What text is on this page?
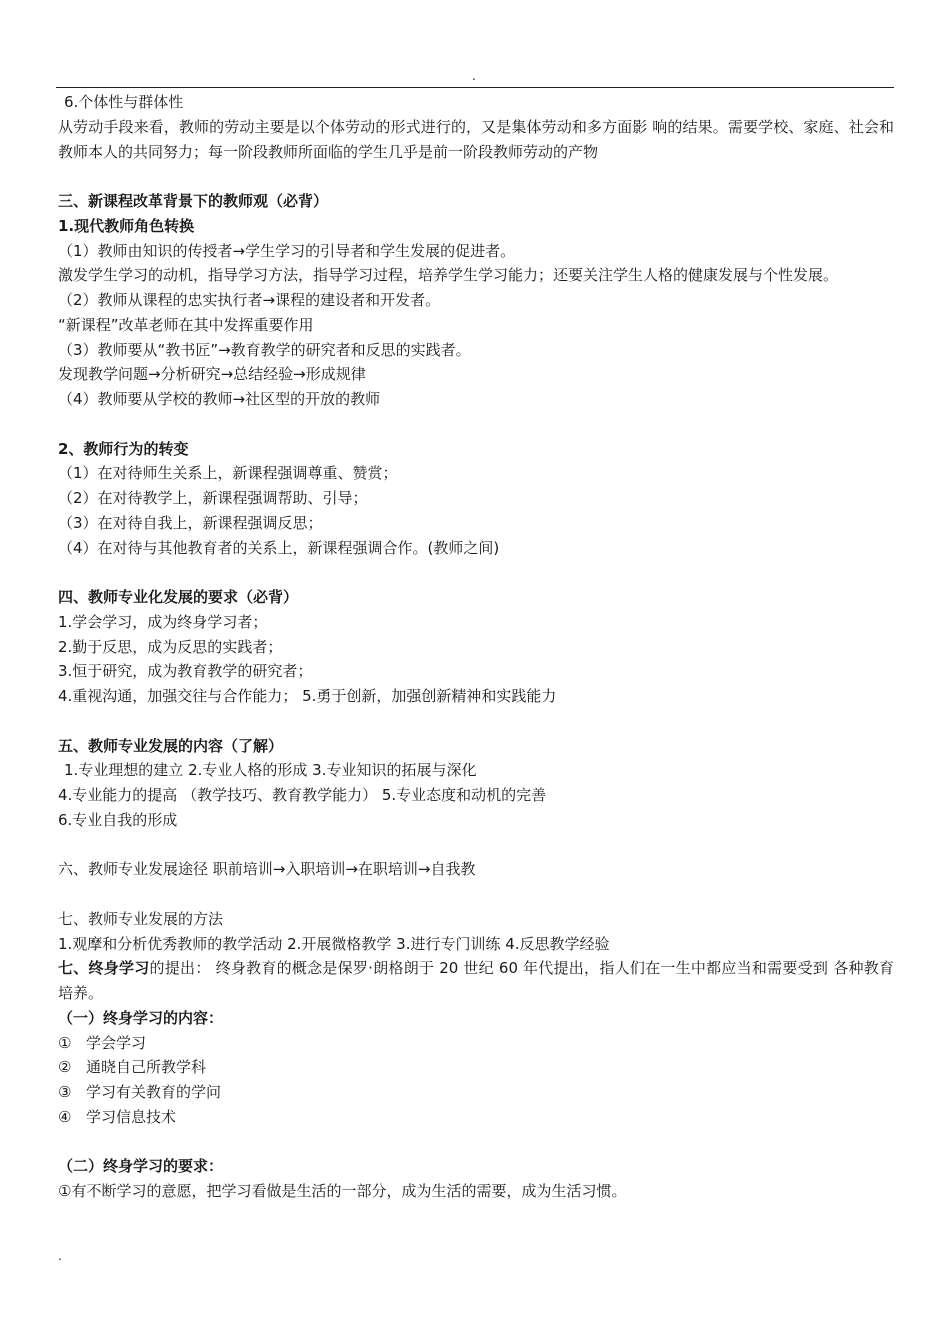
.
6.个体性与群体性
从劳动手段来看，教师的劳动主要是以个体劳动的形式进行的，又是集体劳动和多方面影 响的结果。需要学校、家庭、社会和教师本人的共同努力；每一阶段教师所面临的学生几乎是前一阶段教师劳动的产物
三、新课程改革背景下的教师观（必背）
1.现代教师角色转换
（1）教师由知识的传授者→学生学习的引导者和学生发展的促进者。
激发学生学习的动机，指导学习方法，指导学习过程，培养学生学习能力；还要关注学生人格的健康发展与个性发展。
（2）教师从课程的忠实执行者→课程的建设者和开发者。
“新课程”改革老师在其中发挥重要作用
（3）教师要从“教书匠”→教育教学的研究者和反思的实践者。
发现教学问题→分析研究→总结经验→形成规律
（4）教师要从学校的教师→社区型的开放的教师
2、教师行为的转变
（1）在对待师生关系上，新课程强调尊重、赞赏；
（2）在对待教学上，新课程强调帮助、引导；
（3）在对待自我上，新课程强调反思；
（4）在对待与其他教育者的关系上，新课程强调合作。(教师之间)
四、教师专业化发展的要求（必背）
1.学会学习，成为终身学习者；
2.勤于反思，成为反思的实践者；
3.恒于研究，成为教育教学的研究者；
4.重视沟通，加强交往与合作能力； 5.勇于创新，加强创新精神和实践能力
五、教师专业发展的内容（了解）
1.专业理想的建立 2.专业人格的形成 3.专业知识的拓展与深化
4.专业能力的提高 （教学技巧、教育教学能力） 5.专业态度和动机的完善
6.专业自我的形成
六、教师专业发展途径 职前培训→入职培训→在职培训→自我教
七、教师专业发展的方法
1.观摩和分析优秀教师的教学活动 2.开展微格教学 3.进行专门训练 4.反思教学经验
七、终身学习的提出： 终身教育的概念是保罗·朗格朗于 20 世纪 60 年代提出，指人们在一生中都应当和需要受到 各种教育培养。
（一）终身学习的内容：
① 学会学习
② 通晓自己所教学科
③ 学习有关教育的学问
④ 学习信息技术
（二）终身学习的要求：
①有不断学习的意愿，把学习看做是生活的一部分，成为生活的需要，成为生活习惯。
.
